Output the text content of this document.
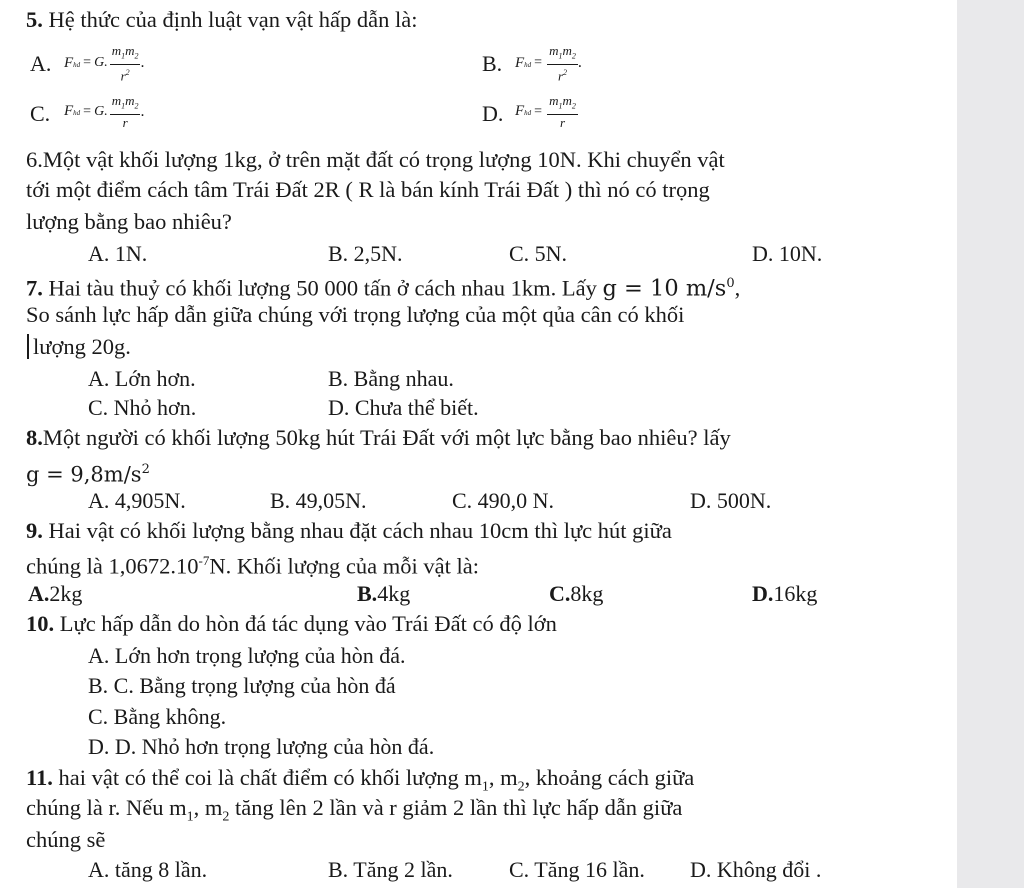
5. Hệ thức của định luật vạn vật hấp dẫn là:
A. F hd = G. $\frac{m_1m_2}{r^2}$ .	B. F hd = $\frac{m_1m_2}{r^2}$ .
C. F hd = G. $\frac{m_1m_2}{r}$ .	D. F hd = $\frac{m_1m_2}{r}$
6.Một vật khối lượng 1kg, ở trên mặt đất có trọng lượng 10N. Khi chuyển vật
tới một điểm cách tâm Trái Đất 2R ( R là bán kính Trái Đất ) thì nó có trọng
lượng bằng bao nhiêu?
A. 1N.	B. 2,5N.	C. 5N.	D. 10N.
7. Hai tàu thuỷ có khối lượng 50 000 tấn ở cách nhau 1km. Lấy g = 10 $m/s^0$,
So sánh lực hấp dẫn giữa chúng với trọng lượng của một qủa cân có khối
lượng 20g.
A. Lớn hơn.	B. Bằng nhau.
C. Nhỏ hơn.	D. Chưa thể biết.
8.Một người có khối lượng 50kg hút Trái Đất với một lực bằng bao nhiêu? lấy
$g = 9,8m/s^2$
A. 4,905N.	B. 49,05N.	C. 490,0 N.	D. 500N.
9. Hai vật có khối lượng bằng nhau đặt cách nhau 10cm thì lực hút giữa
chúng là $1,0672.10^{-7}N$. Khối lượng của mỗi vật là:
A.2kg	B.4kg	C.8kg	D.16kg
10. Lực hấp dẫn do hòn đá tác dụng vào Trái Đất có độ lớn
A. Lớn hơn trọng lượng của hòn đá.
B. C. Bằng trọng lượng của hòn đá
C. Bằng không.
D. D. Nhỏ hơn trọng lượng của hòn đá.
11. hai vật có thể coi là chất điểm có khối lượng $m_1$, $m_2$, khoảng cách giữa
chúng là r. Nếu $m_1$, $m_2$ tăng lên 2 lần và r giảm 2 lần thì lực hấp dẫn giữa
chúng sẽ
A. tăng 8 lần.	B. Tăng 2 lần.	C. Tăng 16 lần. D. Không đổi .
